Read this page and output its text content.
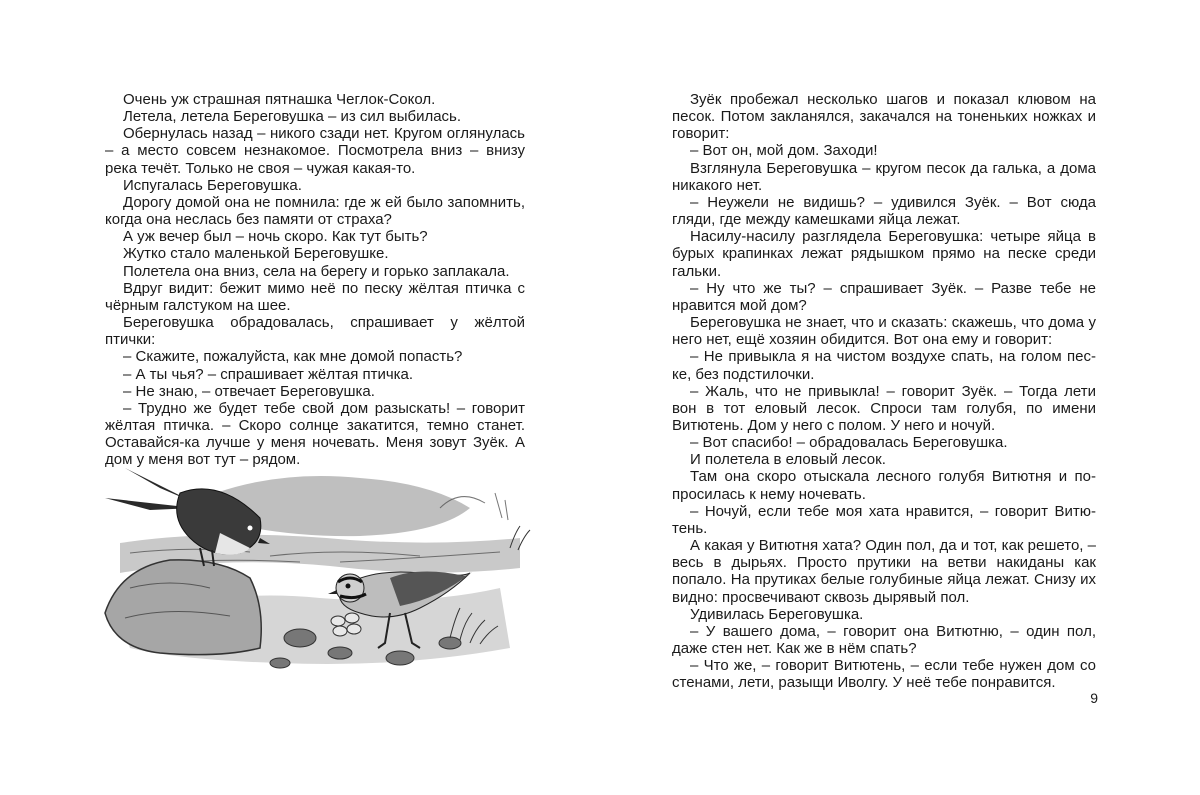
Очень уж страшная пятнашка Чеглок-Сокол.

Летела, летела Береговушка – из сил выбилась.

Обернулась назад – никого сзади нет. Кругом оглянулась – а место совсем незнакомое. Посмотрела вниз – внизу река течёт. Только не своя – чужая какая-то.

Испугалась Береговушка.

Дорогу домой она не помнила: где ж ей было запомнить, когда она неслась без памяти от страха?

А уж вечер был – ночь скоро. Как тут быть?

Жутко стало маленькой Береговушке.

Полетела она вниз, села на берегу и горько заплакала.

Вдруг видит: бежит мимо неё по песку жёлтая птичка с чёрным галстуком на шее.

Береговушка обрадовалась, спрашивает у жёлтой птички:

– Скажите, пожалуйста, как мне домой попасть?

– А ты чья? – спрашивает жёлтая птичка.

– Не знаю, – отвечает Береговушка.

– Трудно же будет тебе свой дом разыскать! – говорит жёлтая птичка. – Скоро солнце закатится, темно станет. Оставайся-ка лучше у меня ночевать. Меня зовут Зуёк. А дом у меня вот тут – рядом.

Зуёк пробежал несколько шагов и показал клювом на песок. Потом закланялся, закачался на тоненьких ножках и говорит:

– Вот он, мой дом. Заходи!

Взглянула Береговушка – кругом песок да галька, а дома никакого нет.

– Неужели не видишь? – удивился Зуёк. – Вот сюда гляди, где между камешками яйца лежат.

Насилу-насилу разглядела Береговушка: четыре яйца в бурых крапинках лежат рядышком прямо на песке среди гальки.

– Ну что же ты? – спрашивает Зуёк. – Разве тебе не нравится мой дом?

Береговушка не знает, что и сказать: скажешь, что дома у него нет, ещё хозяин обидится. Вот она ему и говорит:

– Не привыкла я на чистом воздухе спать, на голом песке, без подстилочки.

– Жаль, что не привыкла! – говорит Зуёк. – Тогда лети вон в тот еловый лесок. Спроси там голубя, по имени Витютень. Дом у него с полом. У него и ночуй.

– Вот спасибо! – обрадовалась Береговушка.

И полетела в еловый лесок.

Там она скоро отыскала лесного голубя Витютня и попросилась к нему ночевать.

– Ночуй, если тебе моя хата нравится, – говорит Витютень.

А какая у Витютня хата? Один пол, да и тот, как решето, – весь в дырьях. Просто прутики на ветви накиданы как попало. На прутиках белые голубиные яйца лежат. Снизу их видно: просвечивают сквозь дырявый пол.

Удивилась Береговушка.

– У вашего дома, – говорит она Витютню, – один пол, даже стен нет. Как же в нём спать?

– Что же, – говорит Витютень, – если тебе нужен дом со стенами, лети, разыщи Иволгу. У неё тебе понравится.

9
